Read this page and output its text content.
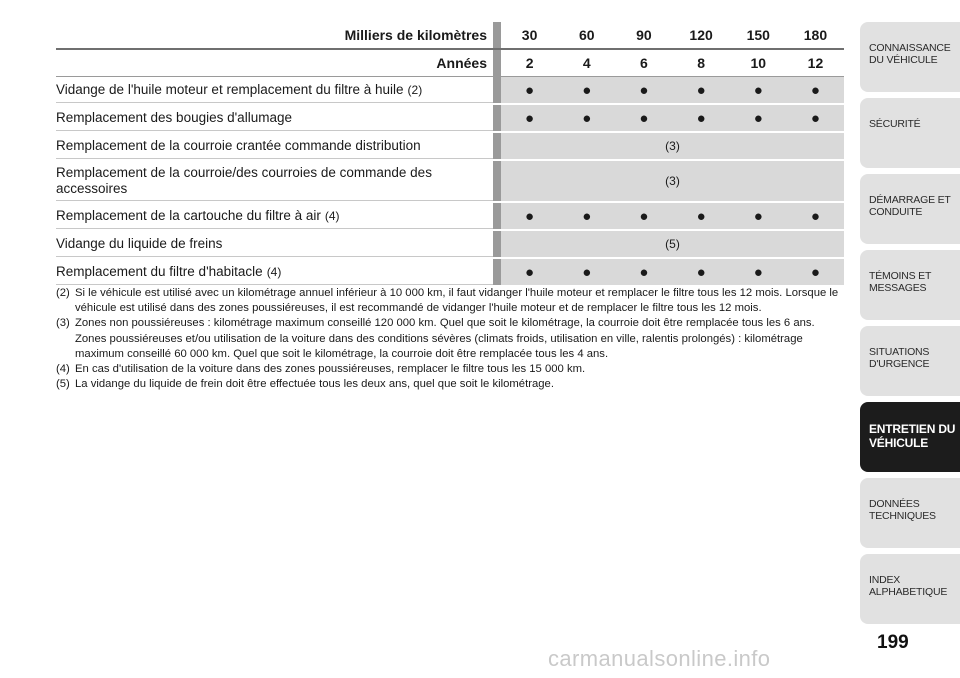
Milliers de kilomètres	30	60	90	120	150	180
Années	2	4	6	8	10	12
Vidange de l'huile moteur et remplacement du filtre à huile (2)	●	●	●	●	●	●
Remplacement des bougies d'allumage	●	●	●	●	●	●
Remplacement de la courroie crantée commande distribution	(3)
Remplacement de la courroie/des courroies de commande des accessoires	(3)
Remplacement de la cartouche du filtre à air (4)	●	●	●	●	●	●
Vidange du liquide de freins	(5)
Remplacement du filtre d'habitacle (4)	●	●	●	●	●	●
(2) Si le véhicule est utilisé avec un kilométrage annuel inférieur à 10 000 km, il faut vidanger l'huile moteur et remplacer le filtre tous les 12 mois. Lorsque le véhicule est utilisé dans des zones poussiéreuses, il est recommandé de vidanger l'huile moteur et de remplacer le filtre tous les 12 mois.
(3) Zones non poussiéreuses : kilométrage maximum conseillé 120 000 km. Quel que soit le kilométrage, la courroie doit être remplacée tous les 6 ans. Zones poussiéreuses et/ou utilisation de la voiture dans des conditions sévères (climats froids, utilisation en ville, ralentis prolongés) : kilométrage maximum conseillé 60 000 km. Quel que soit le kilométrage, la courroie doit être remplacée tous les 4 ans.
(4) En cas d'utilisation de la voiture dans des zones poussiéreuses, remplacer le filtre tous les 15 000 km.
(5) La vidange du liquide de frein doit être effectuée tous les deux ans, quel que soit le kilométrage.
CONNAISSANCE
DU VÉHICULE
SÉCURITÉ
DÉMARRAGE ET
CONDUITE
TÉMOINS ET
MESSAGES
SITUATIONS
D'URGENCE
ENTRETIEN DU
VÉHICULE
DONNÉES
TECHNIQUES
INDEX
ALPHABETIQUE
199
carmanualsonline.info
